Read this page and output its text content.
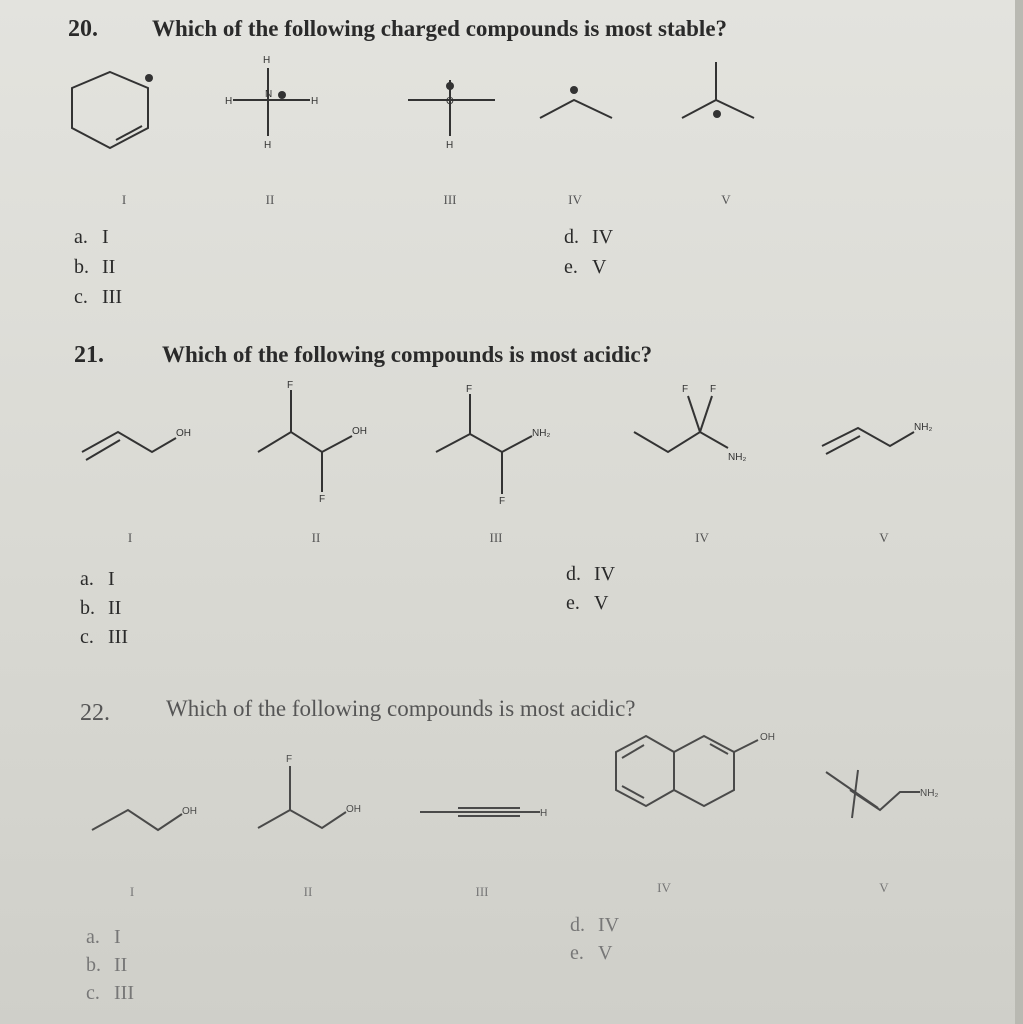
20. Which of the following charged compounds is most stable?
H
H	H
H
N
O
H
I	II	III	IV	V
a. I
b. II
c. III
d. IV
e. V
21.	Which of the following compounds is most acidic?
OH
F
F
OH
F
F
NH₂
F F
NH₂
NH₂
I	II	III	IV	V
a. I
b. II
c. III
d. IV
e. V
22. Which of the following compounds is most acidic?
OH
F
OH	H
OH
NH₂
I	II	III	IV	V
a. I
b. II
c. III
d. IV
e. V
